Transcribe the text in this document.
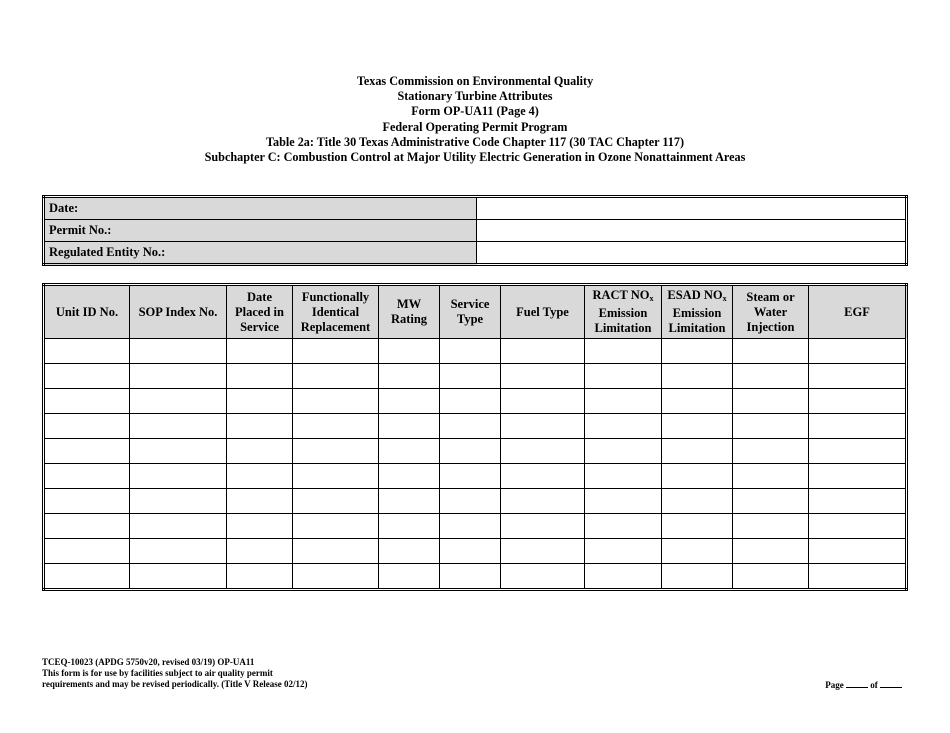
Texas Commission on Environmental Quality
Stationary Turbine Attributes
Form OP-UA11 (Page 4)
Federal Operating Permit Program
Table 2a: Title 30 Texas Administrative Code Chapter 117 (30 TAC Chapter 117)
Subchapter C: Combustion Control at Major Utility Electric Generation in Ozone Nonattainment Areas
Date:	
Permit No.:	
Regulated Entity No.:	
Unit ID No.	SOP Index No.	Date
Placed in
Service	Functionally
Identical
Replacement	MW
Rating	Service
Type	Fuel Type	RACT $NO_x$
Emission
Limitation	ESAD $NO_x$
Emission
Limitation	Steam or
Water
Injection	EGF

TCEQ-10023 (APDG 5750v20, revised 03/19) OP-UA11
This form is for use by facilities subject to air quality permit
requirements and may be revised periodically. (Title V Release 02/12)	Page	of
